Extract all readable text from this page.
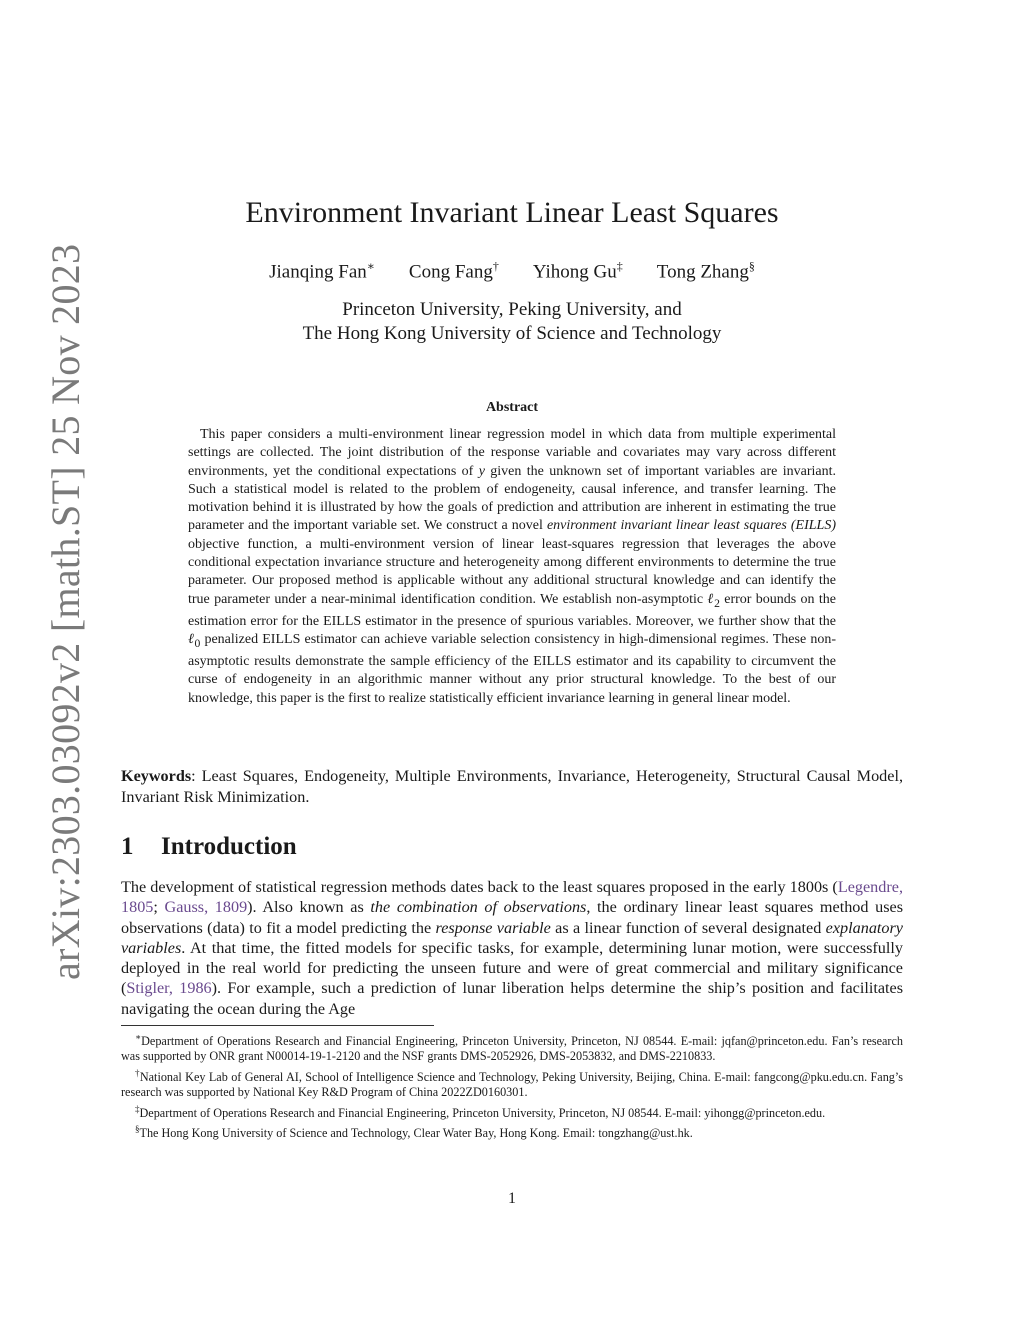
arXiv:2303.03092v2 [math.ST] 25 Nov 2023
Environment Invariant Linear Least Squares
Jianqing Fan∗ Cong Fang† Yihong Gu‡ Tong Zhang§
Princeton University, Peking University, and
The Hong Kong University of Science and Technology
Abstract

This paper considers a multi-environment linear regression model in which data from multiple experimental settings are collected. The joint distribution of the response variable and covariates may vary across different environments, yet the conditional expectations of y given the unknown set of important variables are invariant. Such a statistical model is related to the problem of endogeneity, causal inference, and transfer learning. The motivation behind it is illustrated by how the goals of prediction and attribution are inherent in estimating the true parameter and the important variable set. We construct a novel environment invariant linear least squares (EILLS) objective function, a multi-environment version of linear least-squares regression that leverages the above conditional expectation invariance structure and heterogeneity among different environments to determine the true parameter. Our proposed method is applicable without any additional structural knowledge and can identify the true parameter under a near-minimal identification condition. We establish non-asymptotic ℓ$_2$ error bounds on the estimation error for the EILLS estimator in the presence of spurious variables. Moreover, we further show that the ℓ$_0$ penalized EILLS estimator can achieve variable selection consistency in high-dimensional regimes. These non-asymptotic results demonstrate the sample efficiency of the EILLS estimator and its capability to circumvent the curse of endogeneity in an algorithmic manner without any prior structural knowledge. To the best of our knowledge, this paper is the first to realize statistically efficient invariance learning in general linear model.

Keywords: Least Squares, Endogeneity, Multiple Environments, Invariance, Heterogeneity, Structural Causal Model, Invariant Risk Minimization.

1 Introduction

The development of statistical regression methods dates back to the least squares proposed in the early 1800s (Legendre, 1805; Gauss, 1809). Also known as the combination of observations, the ordinary linear least squares method uses observations (data) to fit a model predicting the response variable as a linear function of several designated explanatory variables. At that time, the fitted models for specific tasks, for example, determining lunar motion, were successfully deployed in the real world for predicting the unseen future and were of great commercial and military significance (Stigler, 1986). For example, such a prediction of lunar liberation helps determine the ship’s position and facilitates navigating the ocean during the Age

∗Department of Operations Research and Financial Engineering, Princeton University, Princeton, NJ 08544. E-mail: jqfan@princeton.edu. Fan’s research was supported by ONR grant N00014-19-1-2120 and the NSF grants DMS-2052926, DMS-2053832, and DMS-2210833.

†National Key Lab of General AI, School of Intelligence Science and Technology, Peking University, Beijing, China. E-mail: fangcong@pku.edu.cn. Fang’s research was supported by National Key R&D Program of China 2022ZD0160301.

‡Department of Operations Research and Financial Engineering, Princeton University, Princeton, NJ 08544. E-mail: yihongg@princeton.edu.

§The Hong Kong University of Science and Technology, Clear Water Bay, Hong Kong. Email: tongzhang@ust.hk.

1
